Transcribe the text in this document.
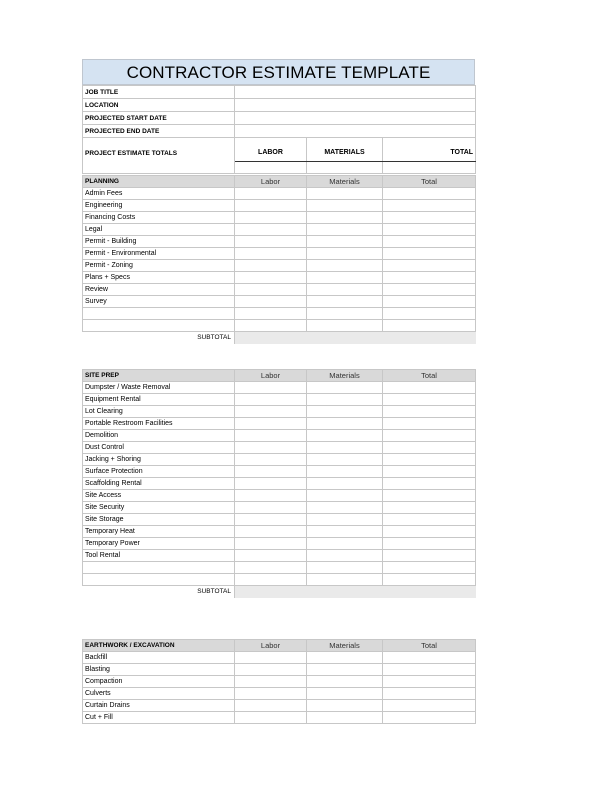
CONTRACTOR ESTIMATE TEMPLATE
JOB TITLE			
LOCATION			
PROJECTED START DATE			
PROJECTED END DATE			
PROJECT ESTIMATE TOTALS	LABOR	MATERIALS	TOTAL

PLANNING	Labor	Materials	Total
Admin Fees			
Engineering			
Financing Costs			
Legal			
Permit - Building			
Permit - Environmental			
Permit - Zoning			
Plans + Specs			
Review			
Survey			

SUBTOTAL			
SITE PREP	Labor	Materials	Total
Dumpster / Waste Removal			
Equipment Rental			
Lot Clearing			
Portable Restroom Facilities			
Demolition			
Dust Control			
Jacking + Shoring			
Surface Protection			
Scaffolding Rental			
Site Access			
Site Security			
Site Storage			
Temporary Heat			
Temporary Power			
Tool Rental			

SUBTOTAL			
EARTHWORK / EXCAVATION	Labor	Materials	Total
Backfill			
Blasting			
Compaction			
Culverts			
Curtain Drains			
Cut + Fill			
